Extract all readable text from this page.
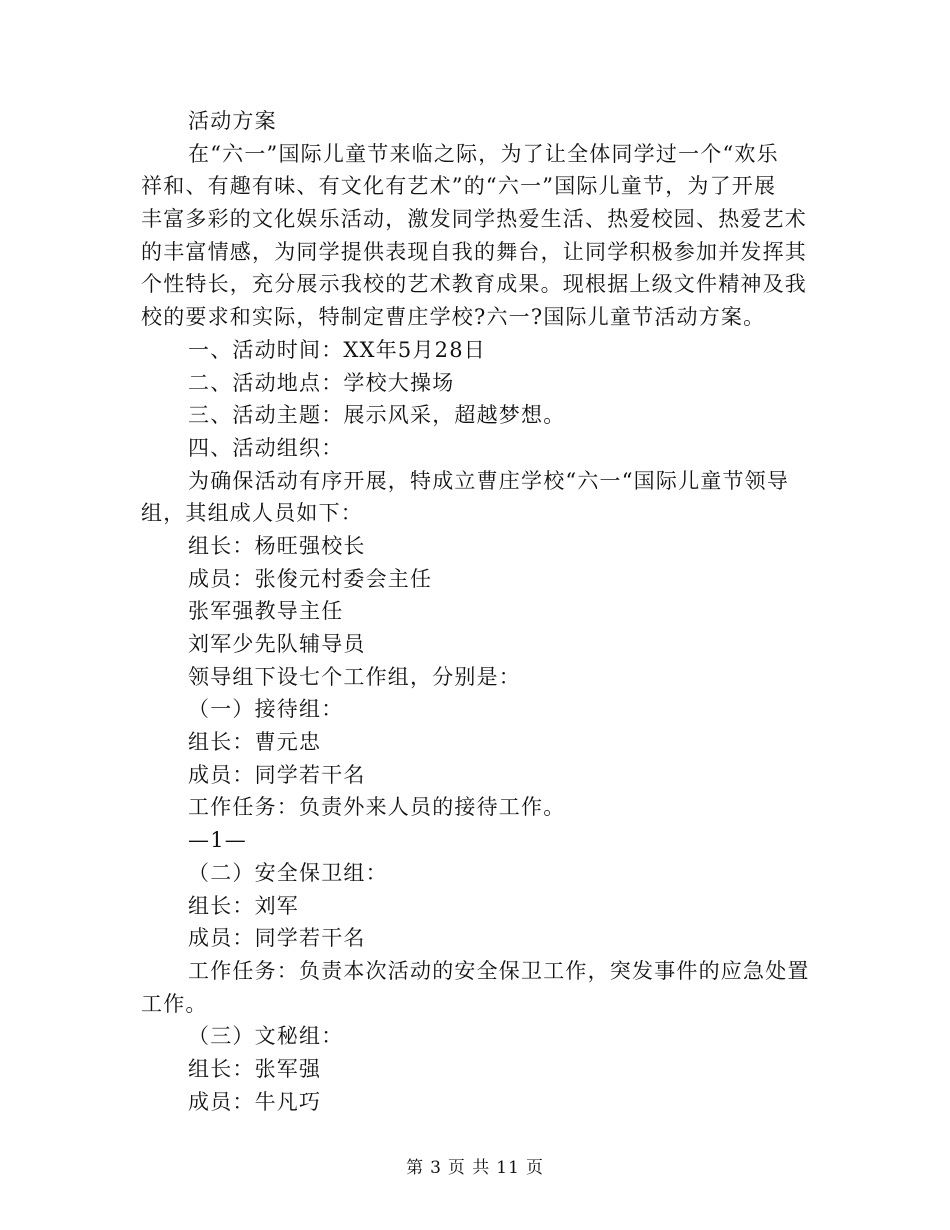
活动方案
在“六一”国际儿童节来临之际，为了让全体同学过一个“欢乐
祥和、有趣有味、有文化有艺术”的“六一”国际儿童节，为了开展
丰富多彩的文化娱乐活动，激发同学热爱生活、热爱校园、热爱艺术
的丰富情感，为同学提供表现自我的舞台，让同学积极参加并发挥其
个性特长，充分展示我校的艺术教育成果。现根据上级文件精神及我
校的要求和实际，特制定曹庄学校?六一?国际儿童节活动方案。
一、活动时间：XX年5月28日
二、活动地点：学校大操场
三、活动主题：展示风采，超越梦想。
四、活动组织：
为确保活动有序开展，特成立曹庄学校“六一“国际儿童节领导
组，其组成人员如下：
组长：杨旺强校长
成员：张俊元村委会主任
张军强教导主任
刘军少先队辅导员
领导组下设七个工作组，分别是：
（一）接待组：
组长：曹元忠
成员：同学若干名
工作任务：负责外来人员的接待工作。
—1—
（二）安全保卫组：
组长：刘军
成员：同学若干名
工作任务：负责本次活动的安全保卫工作，突发事件的应急处置
工作。
（三）文秘组：
组长：张军强
成员：牛凡巧
第 3 页 共 11 页
